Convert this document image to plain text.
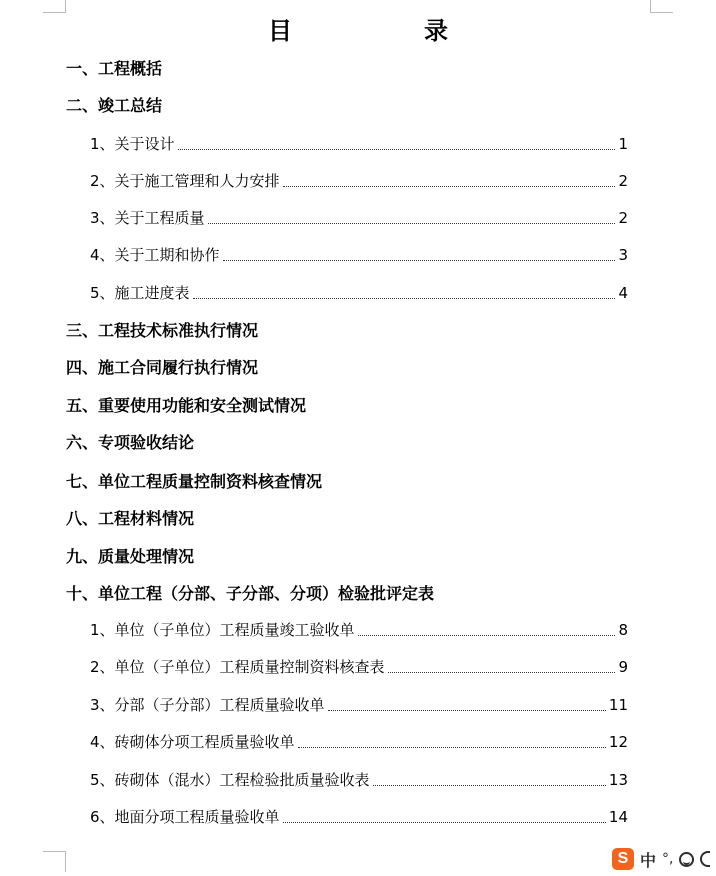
目　录
一、工程概括
二、竣工总结
1、关于设计	1
2、关于施工管理和人力安排	2
3、关于工程质量	2
4、关于工期和协作	3
5、施工进度表	4
三、工程技术标准执行情况
四、施工合同履行执行情况
五、重要使用功能和安全测试情况
六、专项验收结论
七、单位工程质量控制资料核查情况
八、工程材料情况
九、质量处理情况
十、单位工程（分部、子分部、分项）检验批评定表
1、单位（子单位）工程质量竣工验收单	8
2、单位（子单位）工程质量控制资料核查表	9
3、分部（子分部）工程质量验收单	11
4、砖砌体分项工程质量验收单	12
5、砖砌体（混水）工程检验批质量验收表	13
6、地面分项工程质量验收单	14
S 中 °,
